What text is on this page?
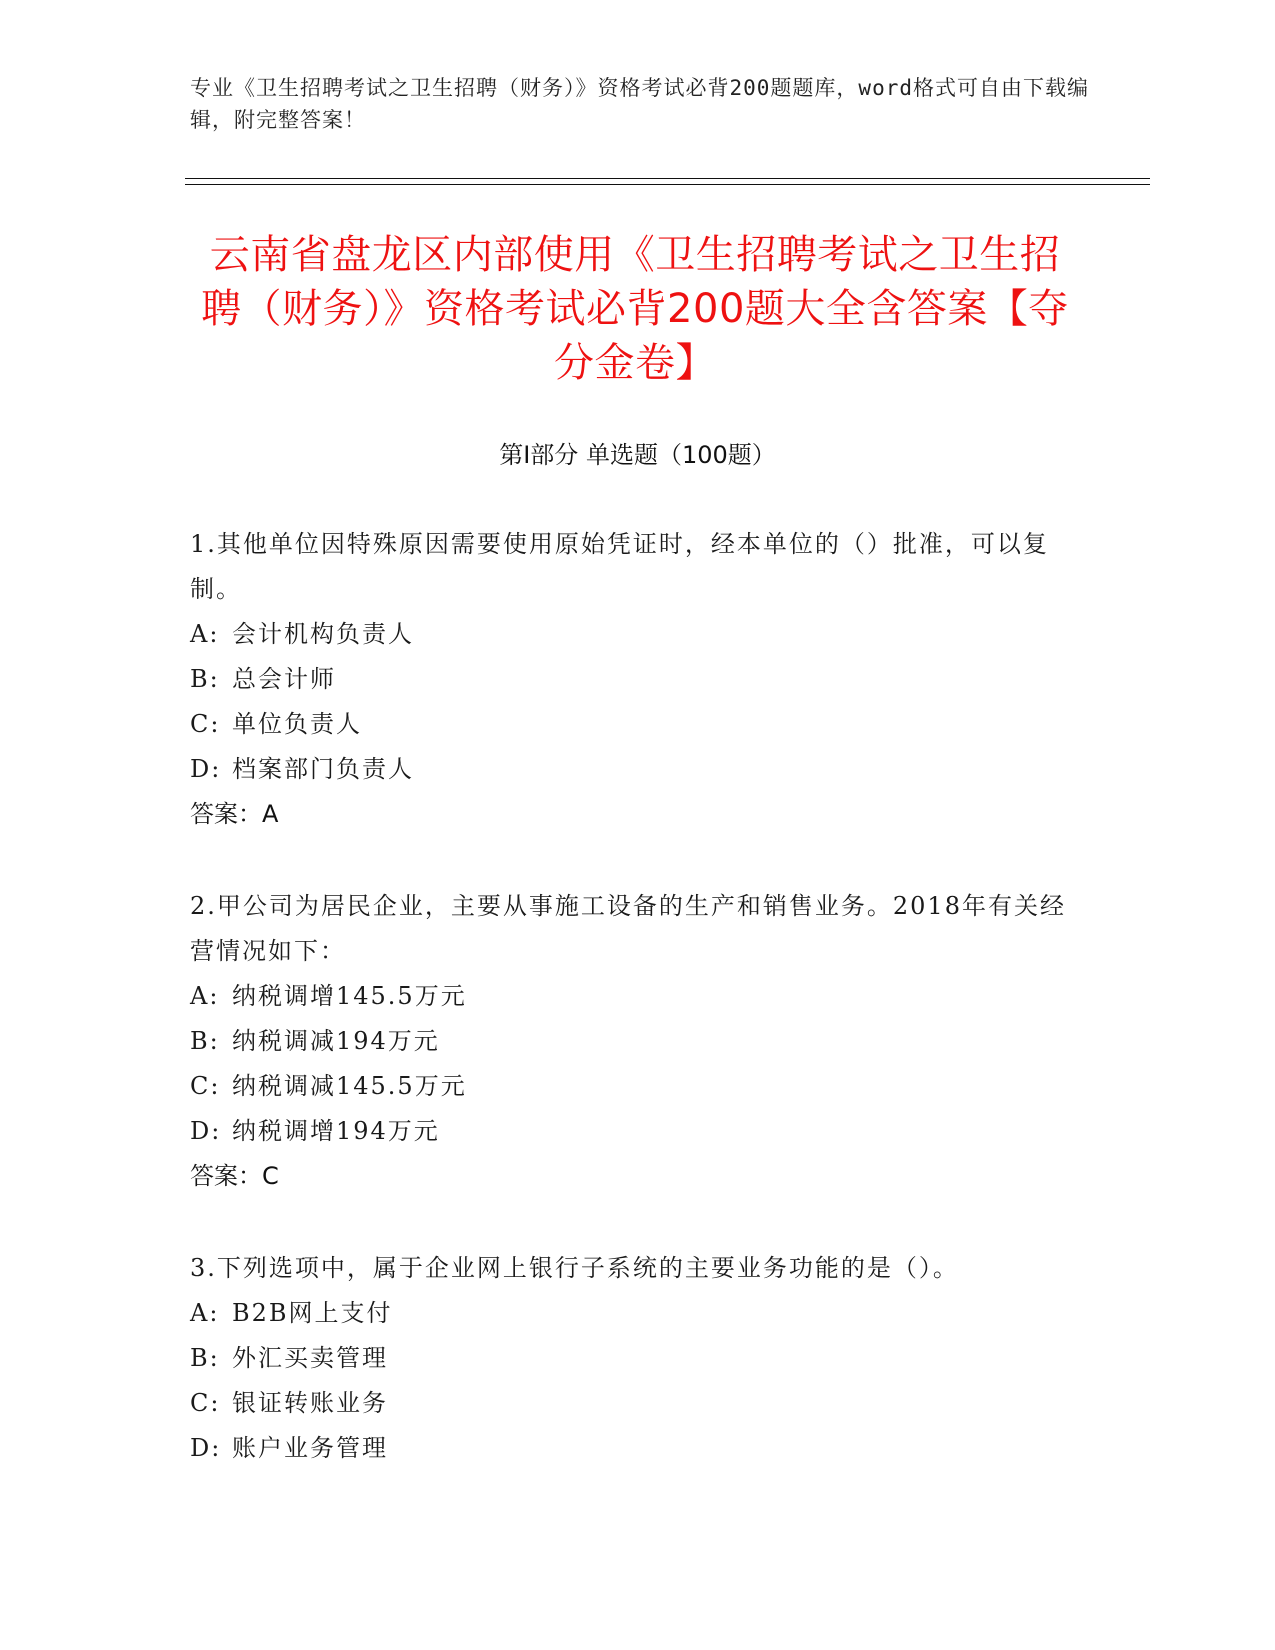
专业《卫生招聘考试之卫生招聘（财务）》资格考试必背200题题库，word格式可自由下载编辑，附完整答案！
云南省盘龙区内部使用《卫生招聘考试之卫生招聘（财务）》资格考试必背200题大全含答案【夺分金卷】
第Ⅰ部分 单选题（100题）
1.其他单位因特殊原因需要使用原始凭证时，经本单位的（）批准，可以复制。
A: 会计机构负责人
B: 总会计师
C: 单位负责人
D: 档案部门负责人
答案：A
2.甲公司为居民企业，主要从事施工设备的生产和销售业务。2018年有关经营情况如下：
A: 纳税调增145.5万元
B: 纳税调减194万元
C: 纳税调减145.5万元
D: 纳税调增194万元
答案：C
3.下列选项中，属于企业网上银行子系统的主要业务功能的是（）。
A: B2B网上支付
B: 外汇买卖管理
C: 银证转账业务
D: 账户业务管理
